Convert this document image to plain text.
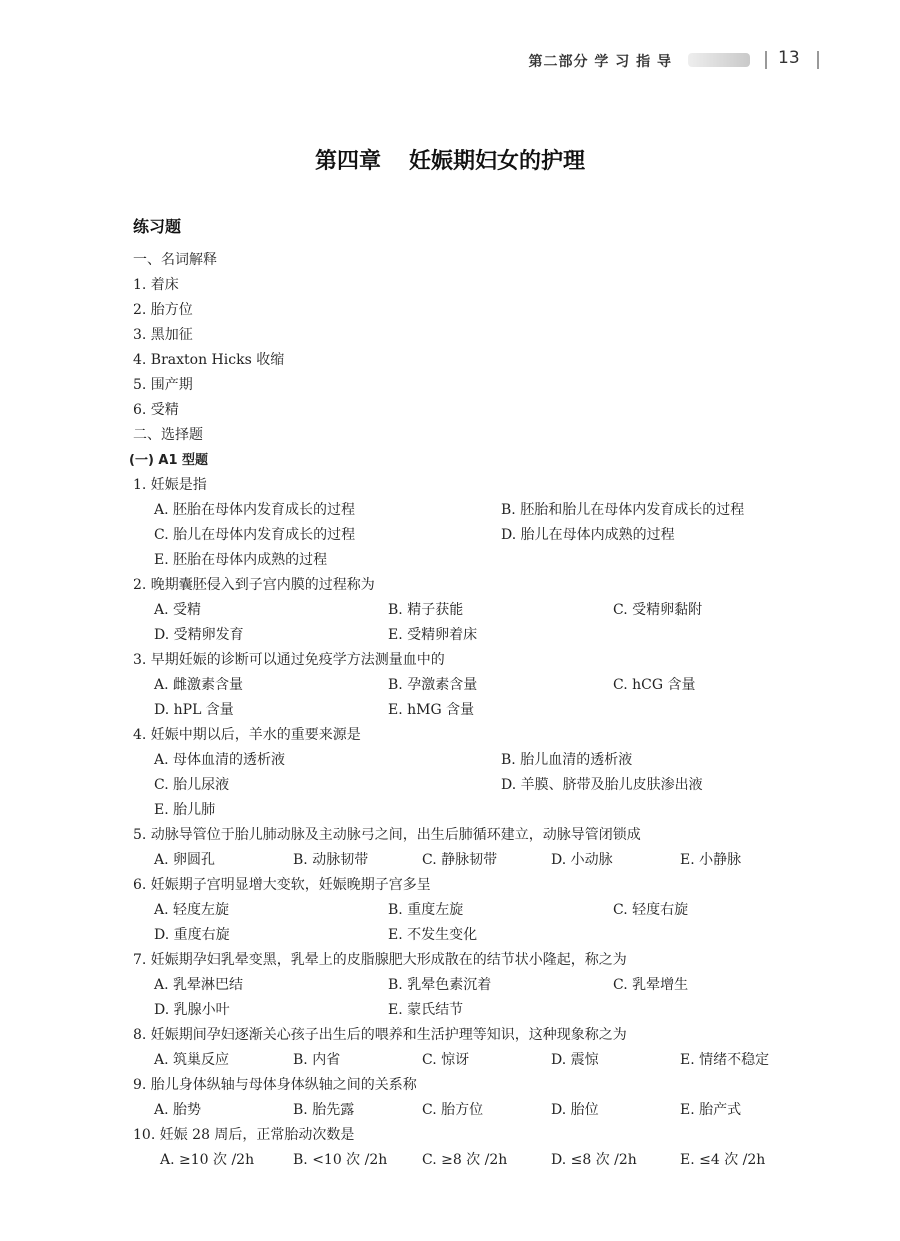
第二部分 学 习 指 导	13
第四章 妊娠期妇女的护理
练习题
一、名词解释
1. 着床
2. 胎方位
3. 黑加征
4. Braxton Hicks 收缩
5. 围产期
6. 受精
二、选择题
(一) A1 型题
1. 妊娠是指
A. 胚胎在母体内发育成长的过程	B. 胚胎和胎儿在母体内发育成长的过程
C. 胎儿在母体内发育成长的过程	D. 胎儿在母体内成熟的过程
E. 胚胎在母体内成熟的过程
2. 晚期囊胚侵入到子宫内膜的过程称为
A. 受精	B. 精子获能	C. 受精卵黏附
D. 受精卵发育	E. 受精卵着床
3. 早期妊娠的诊断可以通过免疫学方法测量血中的
A. 雌激素含量	B. 孕激素含量	C. hCG 含量
D. hPL 含量	E. hMG 含量
4. 妊娠中期以后，羊水的重要来源是
A. 母体血清的透析液	B. 胎儿血清的透析液
C. 胎儿尿液	D. 羊膜、脐带及胎儿皮肤渗出液
E. 胎儿肺
5. 动脉导管位于胎儿肺动脉及主动脉弓之间，出生后肺循环建立，动脉导管闭锁成
A. 卵圆孔	B. 动脉韧带	C. 静脉韧带	D. 小动脉	E. 小静脉
6. 妊娠期子宫明显增大变软，妊娠晚期子宫多呈
A. 轻度左旋	B. 重度左旋	C. 轻度右旋
D. 重度右旋	E. 不发生变化
7. 妊娠期孕妇乳晕变黑，乳晕上的皮脂腺肥大形成散在的结节状小隆起，称之为
A. 乳晕淋巴结	B. 乳晕色素沉着	C. 乳晕增生
D. 乳腺小叶	E. 蒙氏结节
8. 妊娠期间孕妇逐渐关心孩子出生后的喂养和生活护理等知识，这种现象称之为
A. 筑巢反应	B. 内省	C. 惊讶	D. 震惊	E. 情绪不稳定
9. 胎儿身体纵轴与母体身体纵轴之间的关系称
A. 胎势	B. 胎先露	C. 胎方位	D. 胎位	E. 胎产式
10. 妊娠 28 周后，正常胎动次数是
A. ≥10 次 /2h	B. <10 次 /2h C. ≥8 次 /2h	D. ≤8 次 /2h	E. ≤4 次 /2h
